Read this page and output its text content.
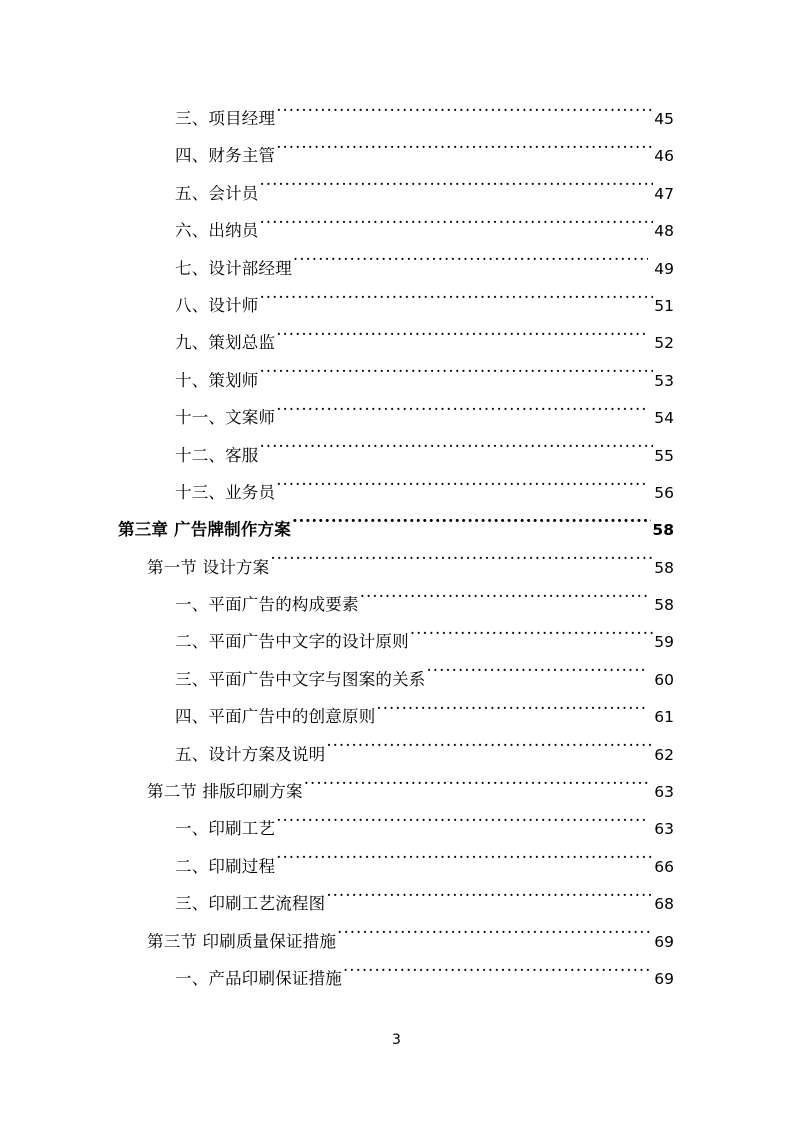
三、项目经理 .....	45
四、财务主管 .....	46
五、会计员 .....	47
六、出纳员 .....	48
七、设计部经理 .....	49
八、设计师 .....	51
九、策划总监 .....	52
十、策划师 .....	53
十一、文案师 .....	54
十二、客服 .....	55
十三、业务员 .....	56
第三章 广告牌制作方案 .....	58
第一节 设计方案 .....	58
一、平面广告的构成要素 .....	58
二、平面广告中文字的设计原则 .....	59
三、平面广告中文字与图案的关系 .....	60
四、平面广告中的创意原则 .....	61
五、设计方案及说明 .....	62
第二节 排版印刷方案 .....	63
一、印刷工艺 .....	63
二、印刷过程 .....	66
三、印刷工艺流程图 .....	68
第三节 印刷质量保证措施 .....	69
一、产品印刷保证措施 .....	69
3
